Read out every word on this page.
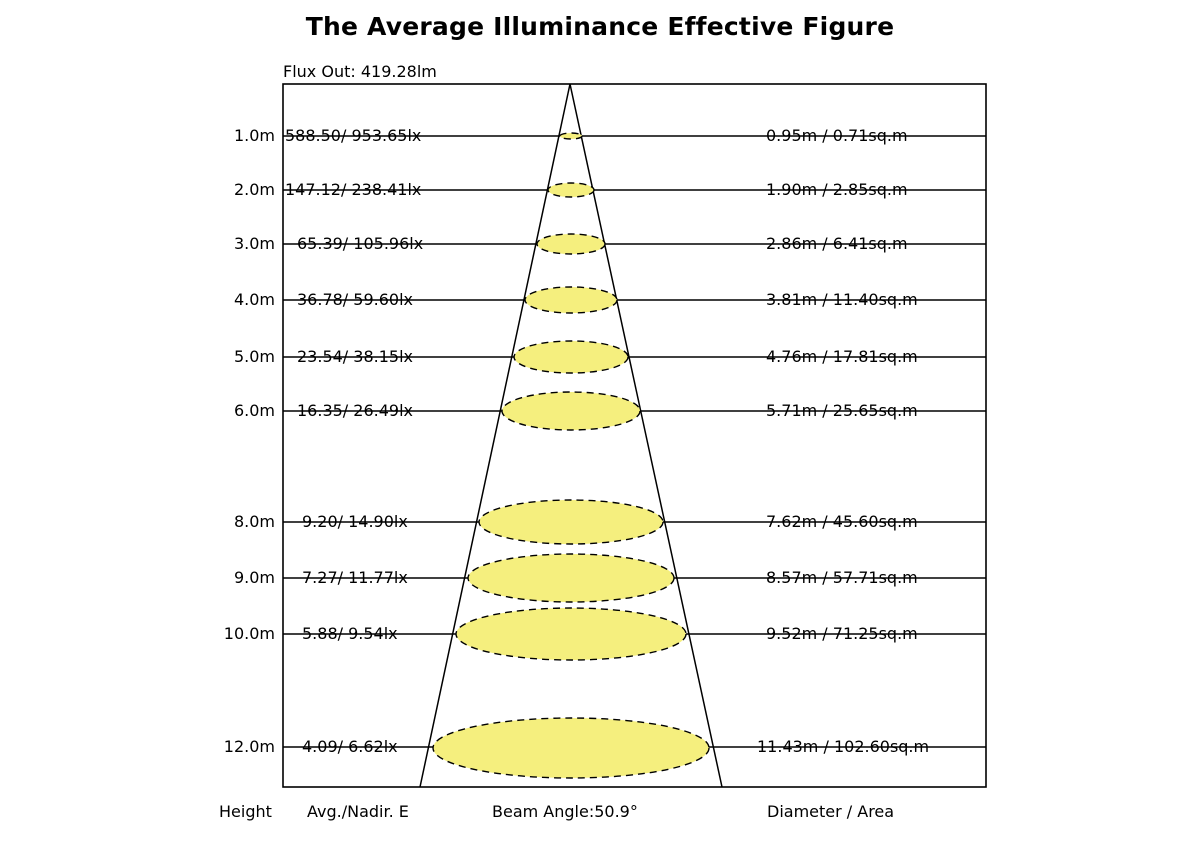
The Average Illuminance Effective Figure
Flux Out: 419.28lm
1.0m
2.0m
3.0m
4.0m
5.0m
6.0m
8.0m
9.0m
10.0m
12.0m
588.50/ 953.65lx
147.12/ 238.41lx
65.39/ 105.96lx
36.78/ 59.60lx
23.54/ 38.15lx
16.35/ 26.49lx
9.20/ 14.90lx
7.27/ 11.77lx
5.88/ 9.54lx
4.09/ 6.62lx
0.95m / 0.71sq.m
1.90m / 2.85sq.m
2.86m / 6.41sq.m
3.81m / 11.40sq.m
4.76m / 17.81sq.m
5.71m / 25.65sq.m
7.62m / 45.60sq.m
8.57m / 57.71sq.m
9.52m / 71.25sq.m
11.43m / 102.60sq.m
Height Avg./Nadir. E	Beam Angle:50.9°	Diameter / Area
